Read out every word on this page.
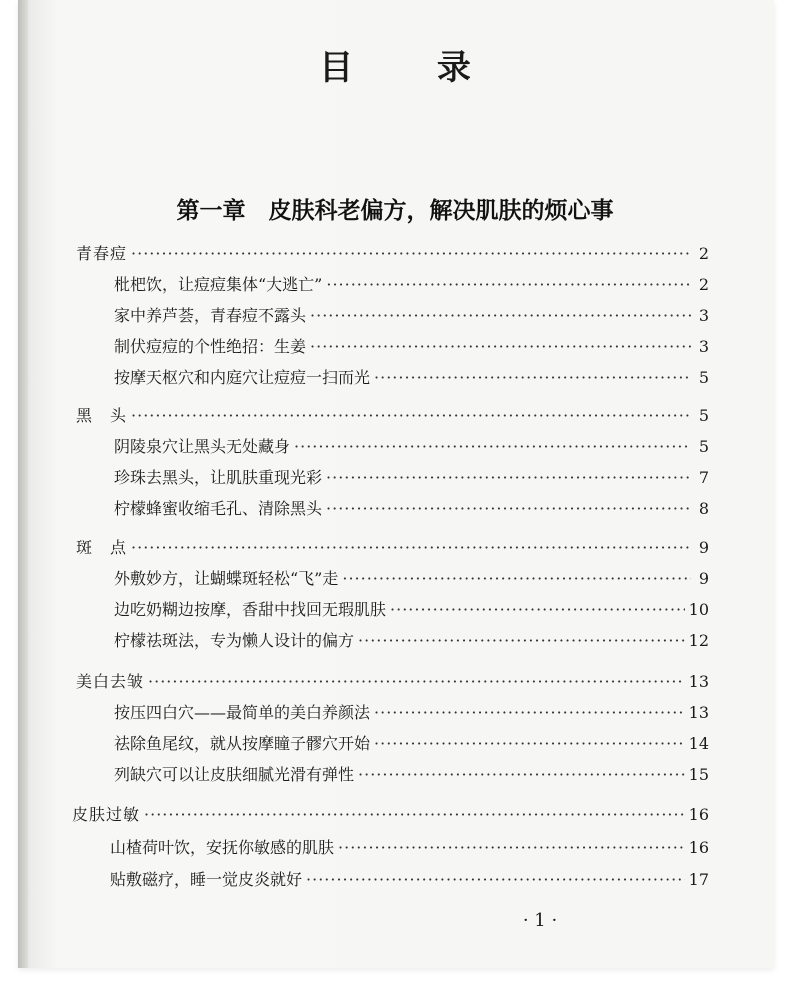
目 录
第一章　皮肤科老偏方，解决肌肤的烦心事
青春痘 ·····	2
枇杷饮，让痘痘集体“大逃亡” ·····	2
家中养芦荟，青春痘不露头 ·····	3
制伏痘痘的个性绝招：生姜 ·····	3
按摩天枢穴和内庭穴让痘痘一扫而光 ·····	5
黑　头 ·····	5
阴陵泉穴让黑头无处藏身 ·····	5
珍珠去黑头，让肌肤重现光彩 ·····	7
柠檬蜂蜜收缩毛孔、清除黑头 ·····	8
斑　点 ·····	9
外敷妙方，让蝴蝶斑轻松“飞”走 ·····	9
边吃奶糊边按摩，香甜中找回无瑕肌肤 ·····	10
柠檬祛斑法，专为懒人设计的偏方 ·····	12
美白去皱 ·····	13
按压四白穴——最简单的美白养颜法 ·····	13
祛除鱼尾纹，就从按摩瞳子髎穴开始 ·····	14
列缺穴可以让皮肤细腻光滑有弹性 ·····	15
皮肤过敏 ·····	16
山楂荷叶饮，安抚你敏感的肌肤 ·····	16
贴敷磁疗，睡一觉皮炎就好 ·····	17
· 1 ·
